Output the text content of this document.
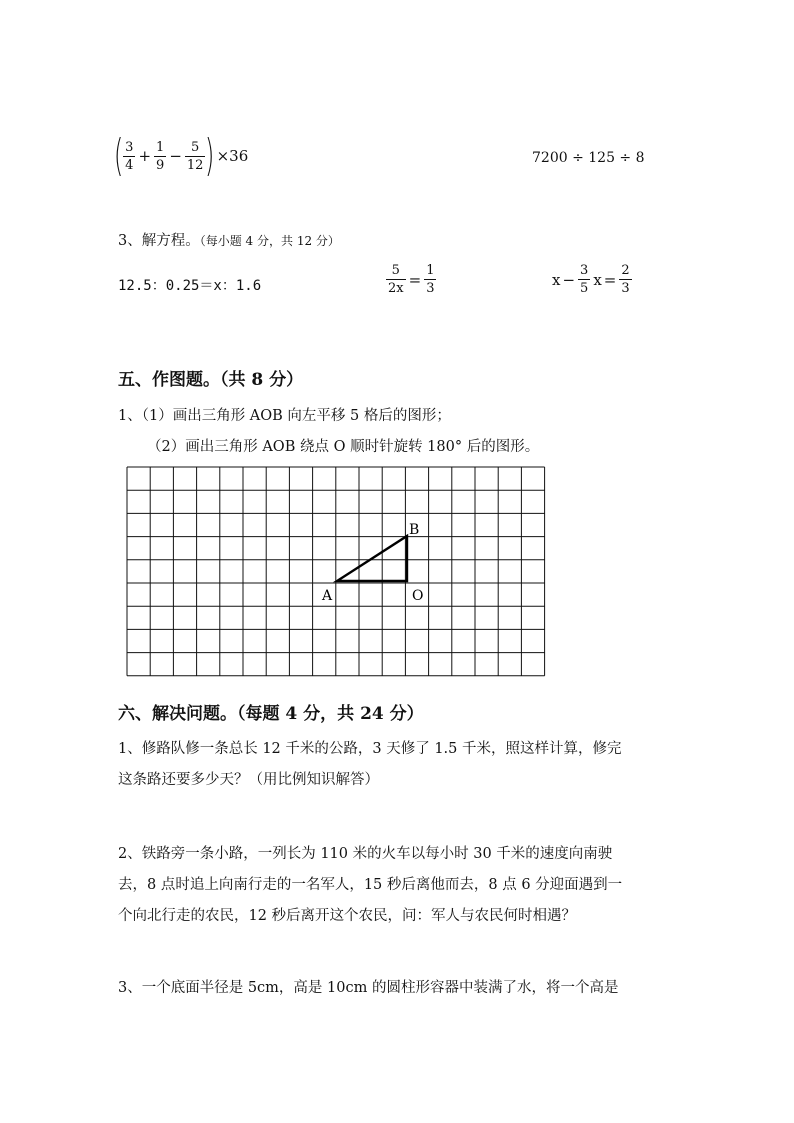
( $\frac{3}{4} + \frac{1}{9} - \frac{5}{12}$ ) ×36	7200 ÷ 125 ÷ 8
3、解方程。（每小题 4 分，共 12 分）
12.5：0.25＝x：1.6	$\frac{5}{2x} = \frac{1}{3}$	$x - \frac{3}{5}$ $x = \frac{2}{3}$
五、作图题。（共 8 分）
1、（1）画出三角形 AOB 向左平移 5 格后的图形；
（2）画出三角形 AOB 绕点 O 顺时针旋转 180° 后的图形。
A
B
O
六、解决问题。（每题 4 分，共 24 分）
1、修路队修一条总长 12 千米的公路，3 天修了 1.5 千米，照这样计算，修完
这条路还要多少天？（用比例知识解答）
2、铁路旁一条小路，一列长为 110 米的火车以每小时 30 千米的速度向南驶
去，8 点时追上向南行走的一名军人，15 秒后离他而去，8 点 6 分迎面遇到一
个向北行走的农民，12 秒后离开这个农民，问：军人与农民何时相遇？
3、一个底面半径是 5cm，高是 10cm 的圆柱形容器中装满了水，将一个高是
